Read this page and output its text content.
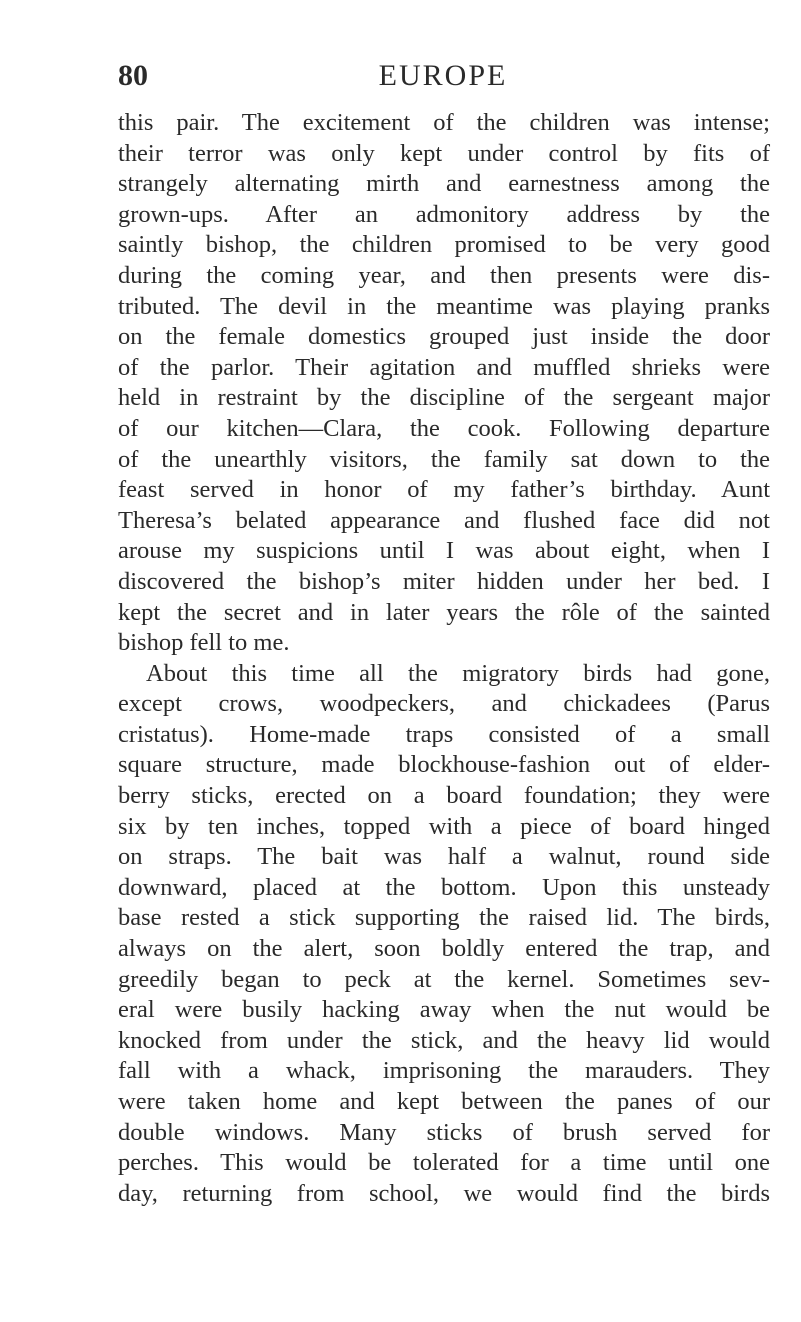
80	EUROPE
this pair. The excitement of the children was intense;
their terror was only kept under control by fits of
strangely alternating mirth and earnestness among the
grown-ups. After an admonitory address by the
saintly bishop, the children promised to be very good
during the coming year, and then presents were dis-
tributed. The devil in the meantime was playing pranks
on the female domestics grouped just inside the door
of the parlor. Their agitation and muffled shrieks were
held in restraint by the discipline of the sergeant major
of our kitchen—Clara, the cook. Following departure
of the unearthly visitors, the family sat down to the
feast served in honor of my father’s birthday. Aunt
Theresa’s belated appearance and flushed face did not
arouse my suspicions until I was about eight, when I
discovered the bishop’s miter hidden under her bed. I
kept the secret and in later years the rôle of the sainted
bishop fell to me.
About this time all the migratory birds had gone,
except crows, woodpeckers, and chickadees (Parus
cristatus). Home-made traps consisted of a small
square structure, made blockhouse-fashion out of elder-
berry sticks, erected on a board foundation; they were
six by ten inches, topped with a piece of board hinged
on straps. The bait was half a walnut, round side
downward, placed at the bottom. Upon this unsteady
base rested a stick supporting the raised lid. The birds,
always on the alert, soon boldly entered the trap, and
greedily began to peck at the kernel. Sometimes sev-
eral were busily hacking away when the nut would be
knocked from under the stick, and the heavy lid would
fall with a whack, imprisoning the marauders. They
were taken home and kept between the panes of our
double windows. Many sticks of brush served for
perches. This would be tolerated for a time until one
day, returning from school, we would find the birds
